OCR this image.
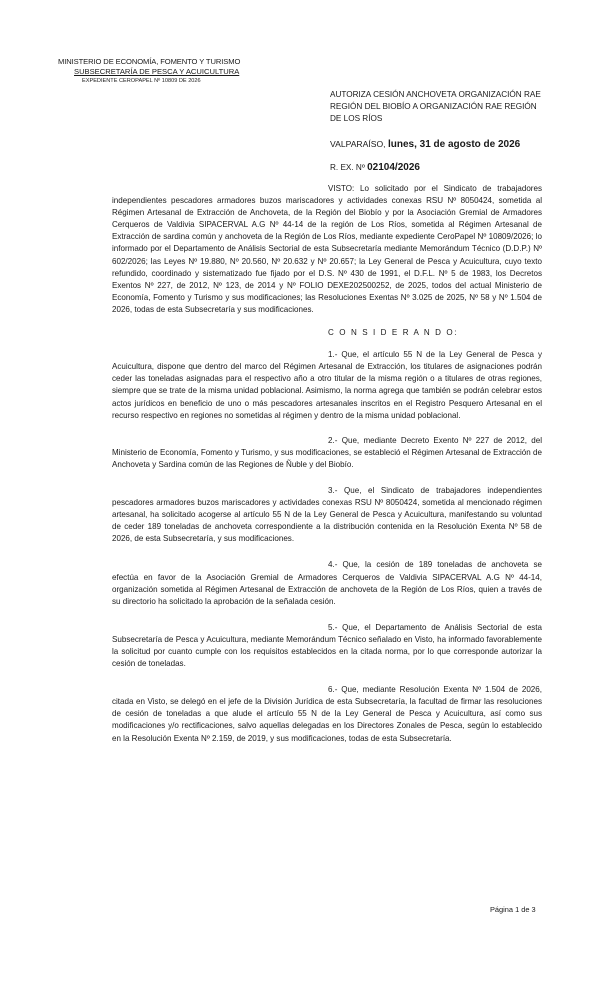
MINISTERIO DE ECONOMÍA, FOMENTO Y TURISMO
SUBSECRETARÍA DE PESCA Y ACUICULTURA
EXPEDIENTE CEROPAPEL Nº 10809 DE 2026
AUTORIZA CESIÓN ANCHOVETA ORGANIZACIÓN RAE REGIÓN DEL BIOBÍO A ORGANIZACIÓN RAE REGIÓN DE LOS RÍOS
VALPARAÍSO, lunes, 31 de agosto de 2026
R. EX. Nº 02104/2026

VISTO: Lo solicitado por el Sindicato de trabajadores independientes pescadores armadores buzos mariscadores y actividades conexas RSU Nº 8050424, sometida al Régimen Artesanal de Extracción de Anchoveta, de la Región del Biobío y por la Asociación Gremial de Armadores Cerqueros de Valdivia SIPACERVAL A.G Nº 44-14 de la región de Los Ríos, sometida al Régimen Artesanal de Extracción de sardina común y anchoveta de la Región de Los Ríos, mediante expediente CeroPapel Nº 10809/2026; lo informado por el Departamento de Análisis Sectorial de esta Subsecretaría mediante Memorándum Técnico (D.D.P.) Nº 602/2026; las Leyes Nº 19.880, Nº 20.560, Nº 20.632 y Nº 20.657; la Ley General de Pesca y Acuicultura, cuyo texto refundido, coordinado y sistematizado fue fijado por el D.S. Nº 430 de 1991, el D.F.L. Nº 5 de 1983, los Decretos Exentos Nº 227, de 2012, Nº 123, de 2014 y Nº FOLIO DEXE202500252, de 2025, todos del actual Ministerio de Economía, Fomento y Turismo y sus modificaciones; las Resoluciones Exentas Nº 3.025 de 2025, Nº 58 y Nº 1.504 de 2026, todas de esta Subsecretaría y sus modificaciones.

C O N S I D E R A N D O:

1.- Que, el artículo 55 N de la Ley General de Pesca y Acuicultura, dispone que dentro del marco del Régimen Artesanal de Extracción, los titulares de asignaciones podrán ceder las toneladas asignadas para el respectivo año a otro titular de la misma región o a titulares de otras regiones, siempre que se trate de la misma unidad poblacional. Asimismo, la norma agrega que también se podrán celebrar estos actos jurídicos en beneficio de uno o más pescadores artesanales inscritos en el Registro Pesquero Artesanal en el recurso respectivo en regiones no sometidas al régimen y dentro de la misma unidad poblacional.

2.- Que, mediante Decreto Exento Nº 227 de 2012, del Ministerio de Economía, Fomento y Turismo, y sus modificaciones, se estableció el Régimen Artesanal de Extracción de Anchoveta y Sardina común de las Regiones de Ñuble y del Biobío.

3.- Que, el Sindicato de trabajadores independientes pescadores armadores buzos mariscadores y actividades conexas RSU Nº 8050424, sometida al mencionado régimen artesanal, ha solicitado acogerse al artículo 55 N de la Ley General de Pesca y Acuicultura, manifestando su voluntad de ceder 189 toneladas de anchoveta correspondiente a la distribución contenida en la Resolución Exenta Nº 58 de 2026, de esta Subsecretaría, y sus modificaciones.

4.- Que, la cesión de 189 toneladas de anchoveta se efectúa en favor de la Asociación Gremial de Armadores Cerqueros de Valdivia SIPACERVAL A.G Nº 44-14, organización sometida al Régimen Artesanal de Extracción de anchoveta de la Región de Los Ríos, quien a través de su directorio ha solicitado la aprobación de la señalada cesión.

5.- Que, el Departamento de Análisis Sectorial de esta Subsecretaría de Pesca y Acuicultura, mediante Memorándum Técnico señalado en Visto, ha informado favorablemente la solicitud por cuanto cumple con los requisitos establecidos en la citada norma, por lo que corresponde autorizar la cesión de toneladas.

6.- Que, mediante Resolución Exenta Nº 1.504 de 2026, citada en Visto, se delegó en el jefe de la División Jurídica de esta Subsecretaría, la facultad de firmar las resoluciones de cesión de toneladas a que alude el artículo 55 N de la Ley General de Pesca y Acuicultura, así como sus modificaciones y/o rectificaciones, salvo aquellas delegadas en los Directores Zonales de Pesca, según lo establecido en la Resolución Exenta Nº 2.159, de 2019, y sus modificaciones, todas de esta Subsecretaría.

Página 1 de 3
